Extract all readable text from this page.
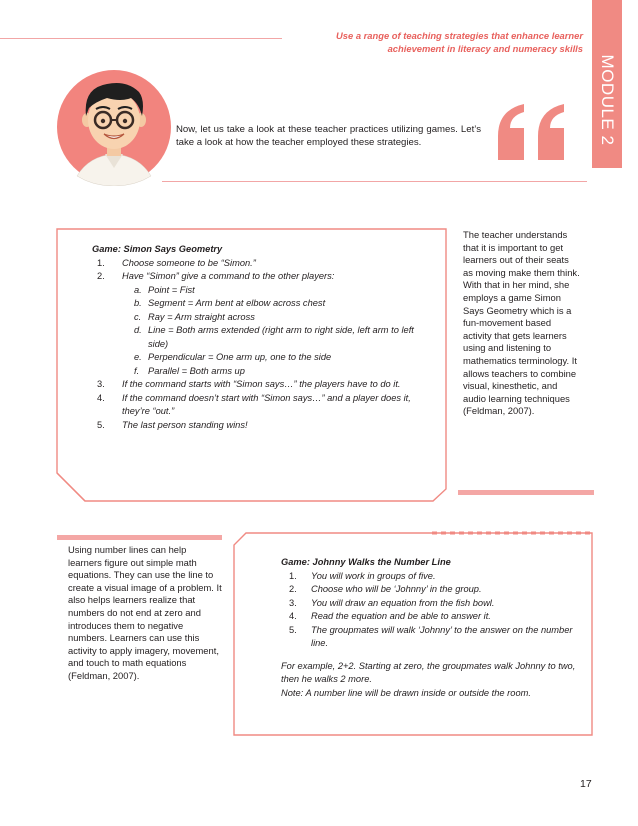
Use a range of teaching strategies that enhance learner
achievement in literacy and numeracy skills
MODULE 2
Now, let us take a look at these teacher practices utilizing games. Let’s take a look at how the teacher employed these strategies.
Game: Simon Says Geometry
1. Choose someone to be “Simon.”
2. Have “Simon” give a command to the other players:
a. Point = Fist
b. Segment = Arm bent at elbow across chest
c. Ray = Arm straight across
d. Line = Both arms extended (right arm to right side, left arm to left side)
e. Perpendicular = One arm up, one to the side
f. Parallel = Both arms up
3. If the command starts with “Simon says…” the players have to do it.
4. If the command doesn’t start with “Simon says…” and a player does it, they’re “out.”
5. The last person standing wins!
The teacher understands that it is important to get learners out of their seats as moving make them think. With that in her mind, she employs a game Simon Says Geometry which is a fun-movement based activity that gets learners using and listening to mathematics terminology. It allows teachers to combine visual, kinesthetic, and audio learning techniques (Feldman, 2007).
Using number lines can help learners figure out simple math equations. They can use the line to create a visual image of a problem. It also helps learners realize that numbers do not end at zero and introduces them to negative numbers. Learners can use this activity to apply imagery, movement, and touch to math equations (Feldman, 2007).
Game: Johnny Walks the Number Line
1. You will work in groups of five.
2. Choose who will be ‘Johnny’ in the group.
3. You will draw an equation from the fish bowl.
4. Read the equation and be able to answer it.
5. The groupmates will walk ‘Johnny’ to the answer on the number line.
For example, 2+2. Starting at zero, the groupmates walk Johnny to two, then he walks 2 more.
Note: A number line will be drawn inside or outside the room.
17
